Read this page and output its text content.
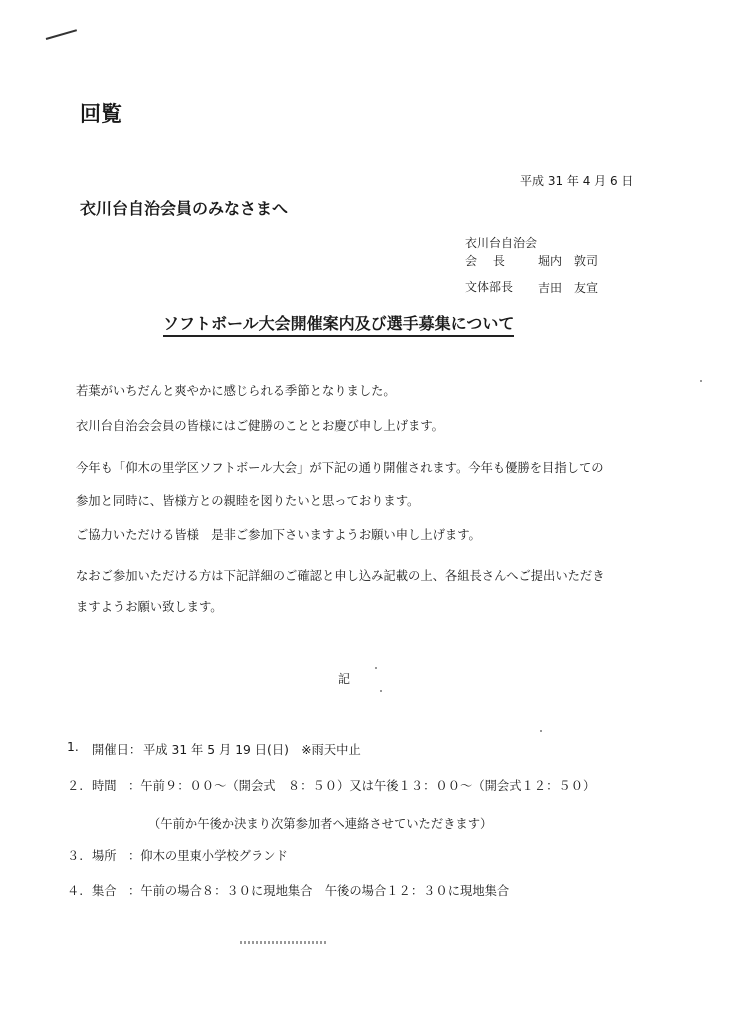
回覧
平成 31 年 4 月 6 日
衣川台自治会員のみなさまへ
衣川台自治会
会　 長	堀内　敦司
文体部長 吉田　友宣
ソフトボール大会開催案内及び選手募集について
若葉がいちだんと爽やかに感じられる季節となりました。
衣川台自治会会員の皆様にはご健勝のこととお慶び申し上げます。
今年も「仰木の里学区ソフトボール大会」が下記の通り開催されます。今年も優勝を目指しての
参加と同時に、皆様方との親睦を図りたいと思っております。
ご協力いただける皆様　是非ご参加下さいますようお願い申し上げます。
なおご参加いただける方は下記詳細のご確認と申し込み記載の上、各組長さんへご提出いただき
ますようお願い致します。
記
1. 開催日： 平成 31 年 5 月 19 日(日)　※雨天中止
２. 時間 ：午前９：００～（開会式　８：５０）又は午後１３：００～（開会式１２：５０）
（午前か午後か決まり次第参加者へ連絡させていただきます）
３. 場所 ：仰木の里東小学校グランド
４. 集合 ：午前の場合８：３０に現地集合　午後の場合１２：３０に現地集合
